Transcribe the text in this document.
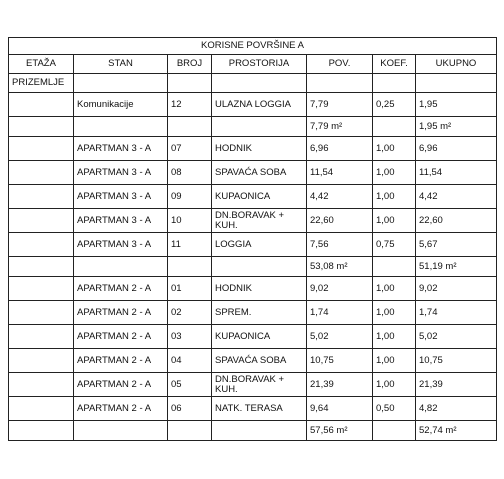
KORISNE POVRŠINE A						
ETAŽA	STAN	BROJ	PROSTORIJA	POV.	KOEF.	UKUPNO
PRIZEMLJE						
	Komunikacije	12	ULAZNA LOGGIA	7,79	0,25	1,95
				7,79 m²		1,95 m²
	APARTMAN 3 - A	07	HODNIK	6,96	1,00	6,96
	APARTMAN 3 - A	08	SPAVAĆA SOBA	11,54	1,00	11,54
	APARTMAN 3 - A	09	KUPAONICA	4,42	1,00	4,42
	APARTMAN 3 - A	10	DN.BORAVAK + KUH.	22,60	1,00	22,60
	APARTMAN 3 - A	11	LOGGIA	7,56	0,75	5,67
				53,08 m²		51,19 m²
	APARTMAN 2 - A	01	HODNIK	9,02	1,00	9,02
	APARTMAN 2 - A	02	SPREM.	1,74	1,00	1,74
	APARTMAN 2 - A	03	KUPAONICA	5,02	1,00	5,02
	APARTMAN 2 - A	04	SPAVAĆA SOBA	10,75	1,00	10,75
	APARTMAN 2 - A	05	DN.BORAVAK + KUH.	21,39	1,00	21,39
	APARTMAN 2 - A	06	NATK. TERASA	9,64	0,50	4,82
				57,56 m²		52,74 m²
